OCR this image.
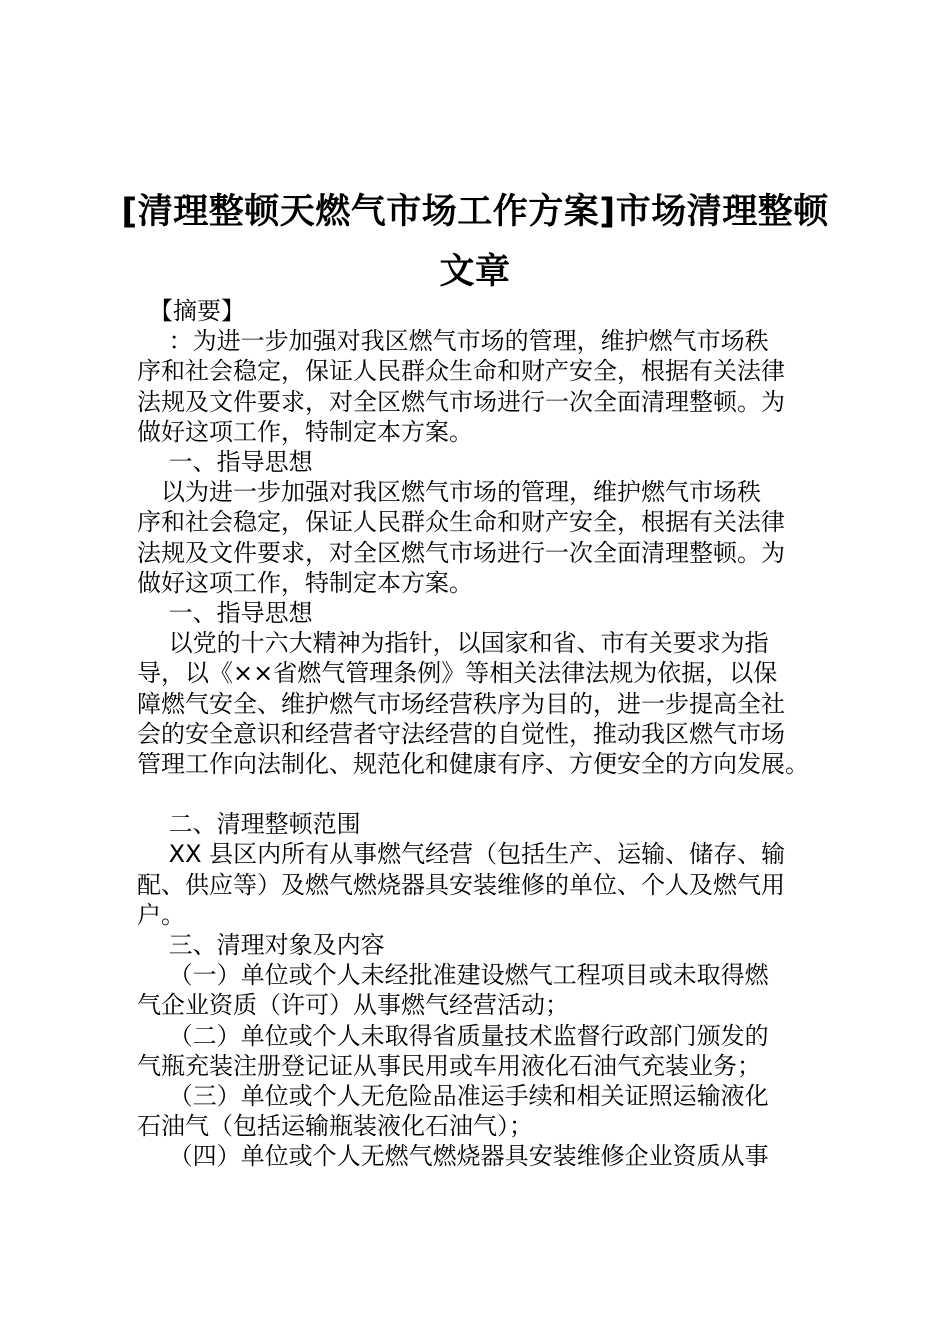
[清理整顿天燃气市场工作方案]市场清理整顿
文章

　【摘要】

　 ：为进一步加强对我区燃气市场的管理，维护燃气市场秩

序和社会稳定，保证人民群众生命和财产安全，根据有关法律

法规及文件要求，对全区燃气市场进行一次全面清理整顿。为

做好这项工作，特制定本方案。

　 一、指导思想

　以为进一步加强对我区燃气市场的管理，维护燃气市场秩

序和社会稳定，保证人民群众生命和财产安全，根据有关法律

法规及文件要求，对全区燃气市场进行一次全面清理整顿。为

做好这项工作，特制定本方案。

　 一、指导思想

　 以党的十六大精神为指针，以国家和省、市有关要求为指

导，以《××省燃气管理条例》等相关法律法规为依据，以保

障燃气安全、维护燃气市场经营秩序为目的，进一步提高全社

会的安全意识和经营者守法经营的自觉性，推动我区燃气市场

管理工作向法制化、规范化和健康有序、方便安全的方向发展。

　 二、清理整顿范围

　 XX 县区内所有从事燃气经营（包括生产、运输、储存、输

配、供应等）及燃气燃烧器具安装维修的单位、个人及燃气用

户。

　 三、清理对象及内容

　 （一）单位或个人未经批准建设燃气工程项目或未取得燃

气企业资质（许可）从事燃气经营活动；

　 （二）单位或个人未取得省质量技术监督行政部门颁发的

气瓶充装注册登记证从事民用或车用液化石油气充装业务；

　 （三）单位或个人无危险品准运手续和相关证照运输液化

石油气（包括运输瓶装液化石油气）；

　 （四）单位或个人无燃气燃烧器具安装维修企业资质从事
